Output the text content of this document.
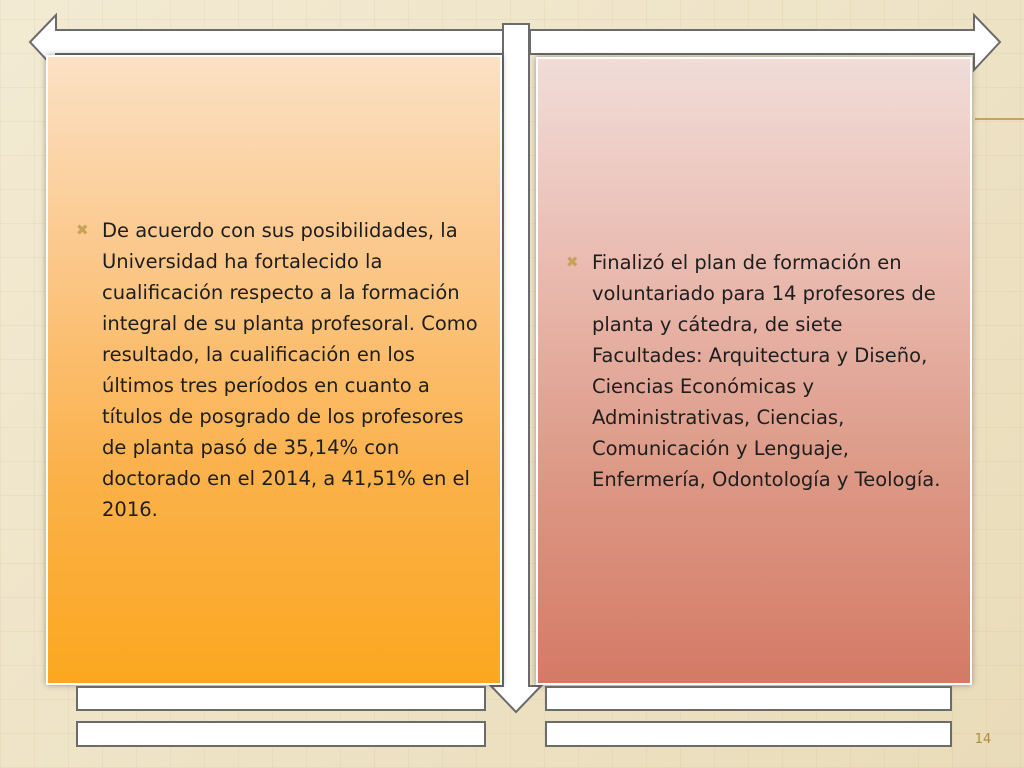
✖ De acuerdo con sus posibilidades, la Universidad ha fortalecido la cualificación respecto a la formación integral de su planta profesoral. Como resultado, la cualificación en los últimos tres períodos en cuanto a títulos de posgrado de los profesores de planta pasó de 35,14% con doctorado en el 2014, a 41,51% en el 2016.
✖ Finalizó el plan de formación en voluntariado para 14 profesores de planta y cátedra, de siete Facultades: Arquitectura y Diseño, Ciencias Económicas y Administrativas, Ciencias, Comunicación y Lenguaje, Enfermería, Odontología y Teología.
14
